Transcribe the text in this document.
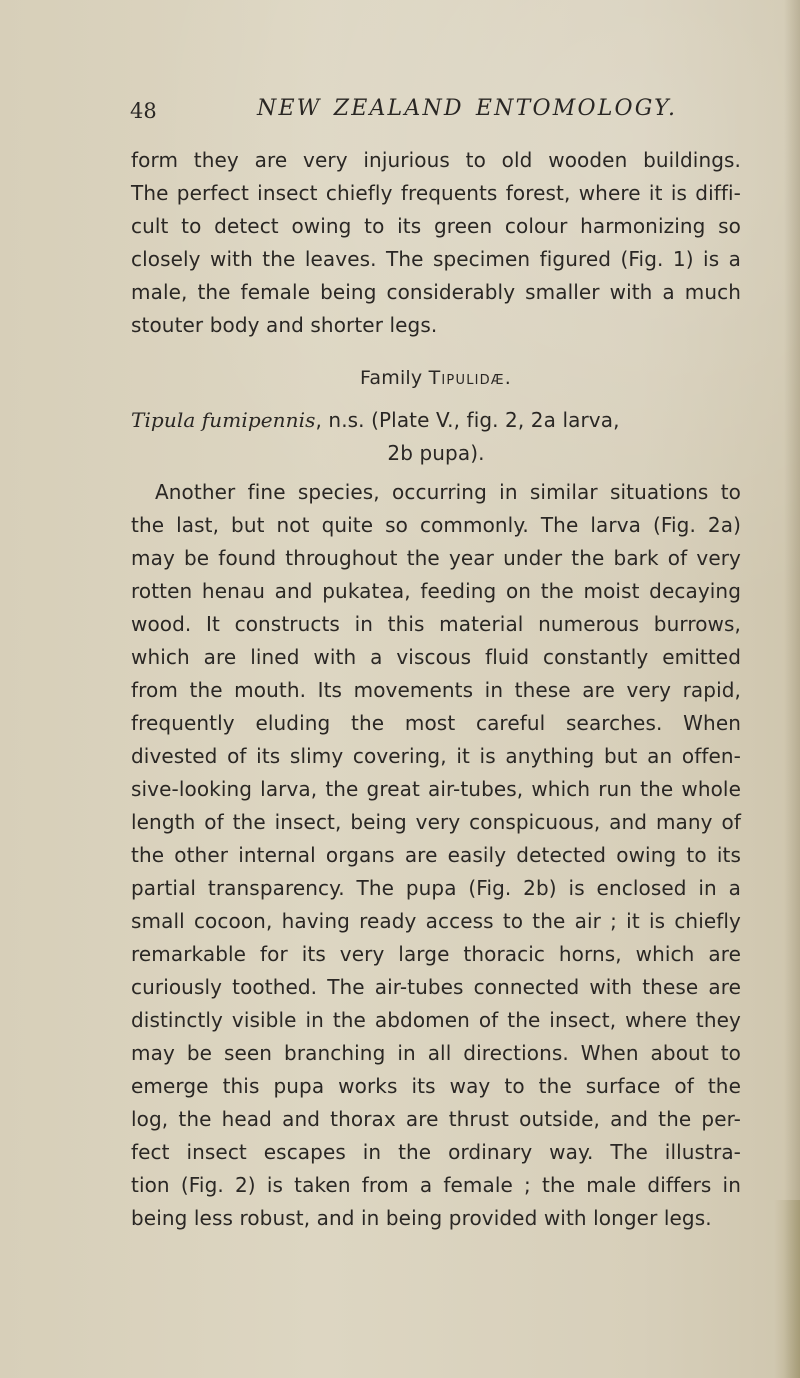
48	NEW ZEALAND ENTOMOLOGY.
form they are very injurious to old wooden buildings.
The perfect insect chiefly frequents forest, where it is diffi-
cult to detect owing to its green colour harmonizing so
closely with the leaves. The specimen figured (Fig. 1) is a
male, the female being considerably smaller with a much
stouter body and shorter legs.
Family Tipulidæ.
Tipula fumipennis, n.s. (Plate V., fig. 2, 2a larva,
2b pupa).
Another fine species, occurring in similar situations to
the last, but not quite so commonly. The larva (Fig. 2a)
may be found throughout the year under the bark of very
rotten henau and pukatea, feeding on the moist decaying
wood. It constructs in this material numerous burrows,
which are lined with a viscous fluid constantly emitted
from the mouth. Its movements in these are very rapid,
frequently eluding the most careful searches. When
divested of its slimy covering, it is anything but an offen-
sive-looking larva, the great air-tubes, which run the whole
length of the insect, being very conspicuous, and many of
the other internal organs are easily detected owing to its
partial transparency. The pupa (Fig. 2b) is enclosed in a
small cocoon, having ready access to the air ; it is chiefly
remarkable for its very large thoracic horns, which are
curiously toothed. The air-tubes connected with these are
distinctly visible in the abdomen of the insect, where they
may be seen branching in all directions. When about to
emerge this pupa works its way to the surface of the
log, the head and thorax are thrust outside, and the per-
fect insect escapes in the ordinary way. The illustra-
tion (Fig. 2) is taken from a female ; the male differs in
being less robust, and in being provided with longer legs.
